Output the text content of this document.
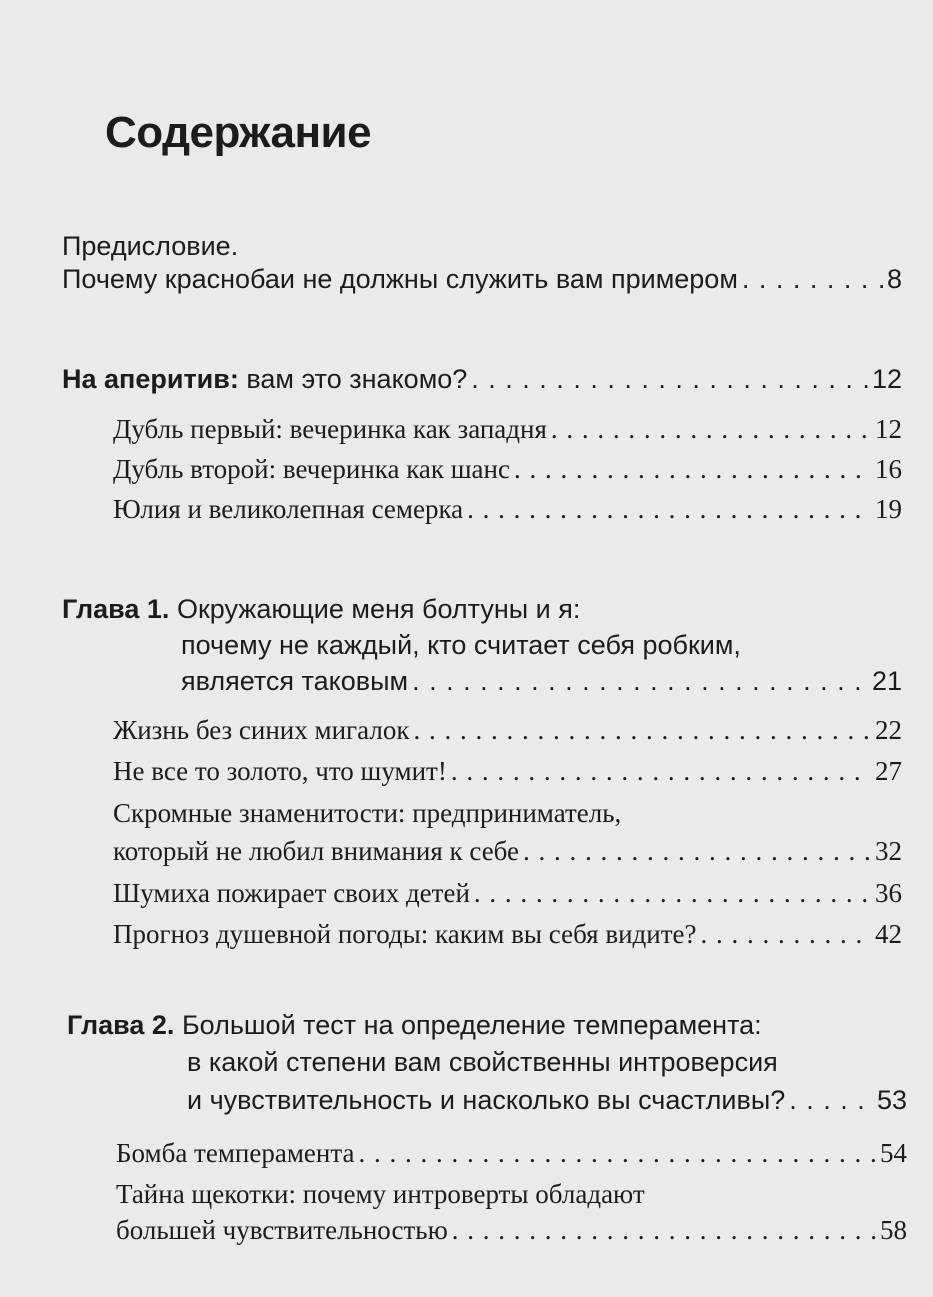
Содержание
Предисловие.
Почему краснобаи не должны служить вам примером . . .	8
На аперитив: вам это знакомо? . . .	12
Дубль первый: вечеринка как западня . . .	12
Дубль второй: вечеринка как шанс . . .	16
Юлия и великолепная семерка . . .	19
Глава 1. Окружающие меня болтуны и я:
почему не каждый, кто считает себя робким,
является таковым . . .	21
Жизнь без синих мигалок . . .	22
Не все то золото, что шумит! . . .	27
Скромные знаменитости: предприниматель,
который не любил внимания к себе . . .	32
Шумиха пожирает своих детей . . .	36
Прогноз душевной погоды: каким вы себя видите? . . .	42
Глава 2. Большой тест на определение темперамента:
в какой степени вам свойственны интроверсия
и чувствительность и насколько вы счастливы? . . .	53
Бомба темперамента . . .	54
Тайна щекотки: почему интроверты обладают
большей чувствительностью . . .	58
